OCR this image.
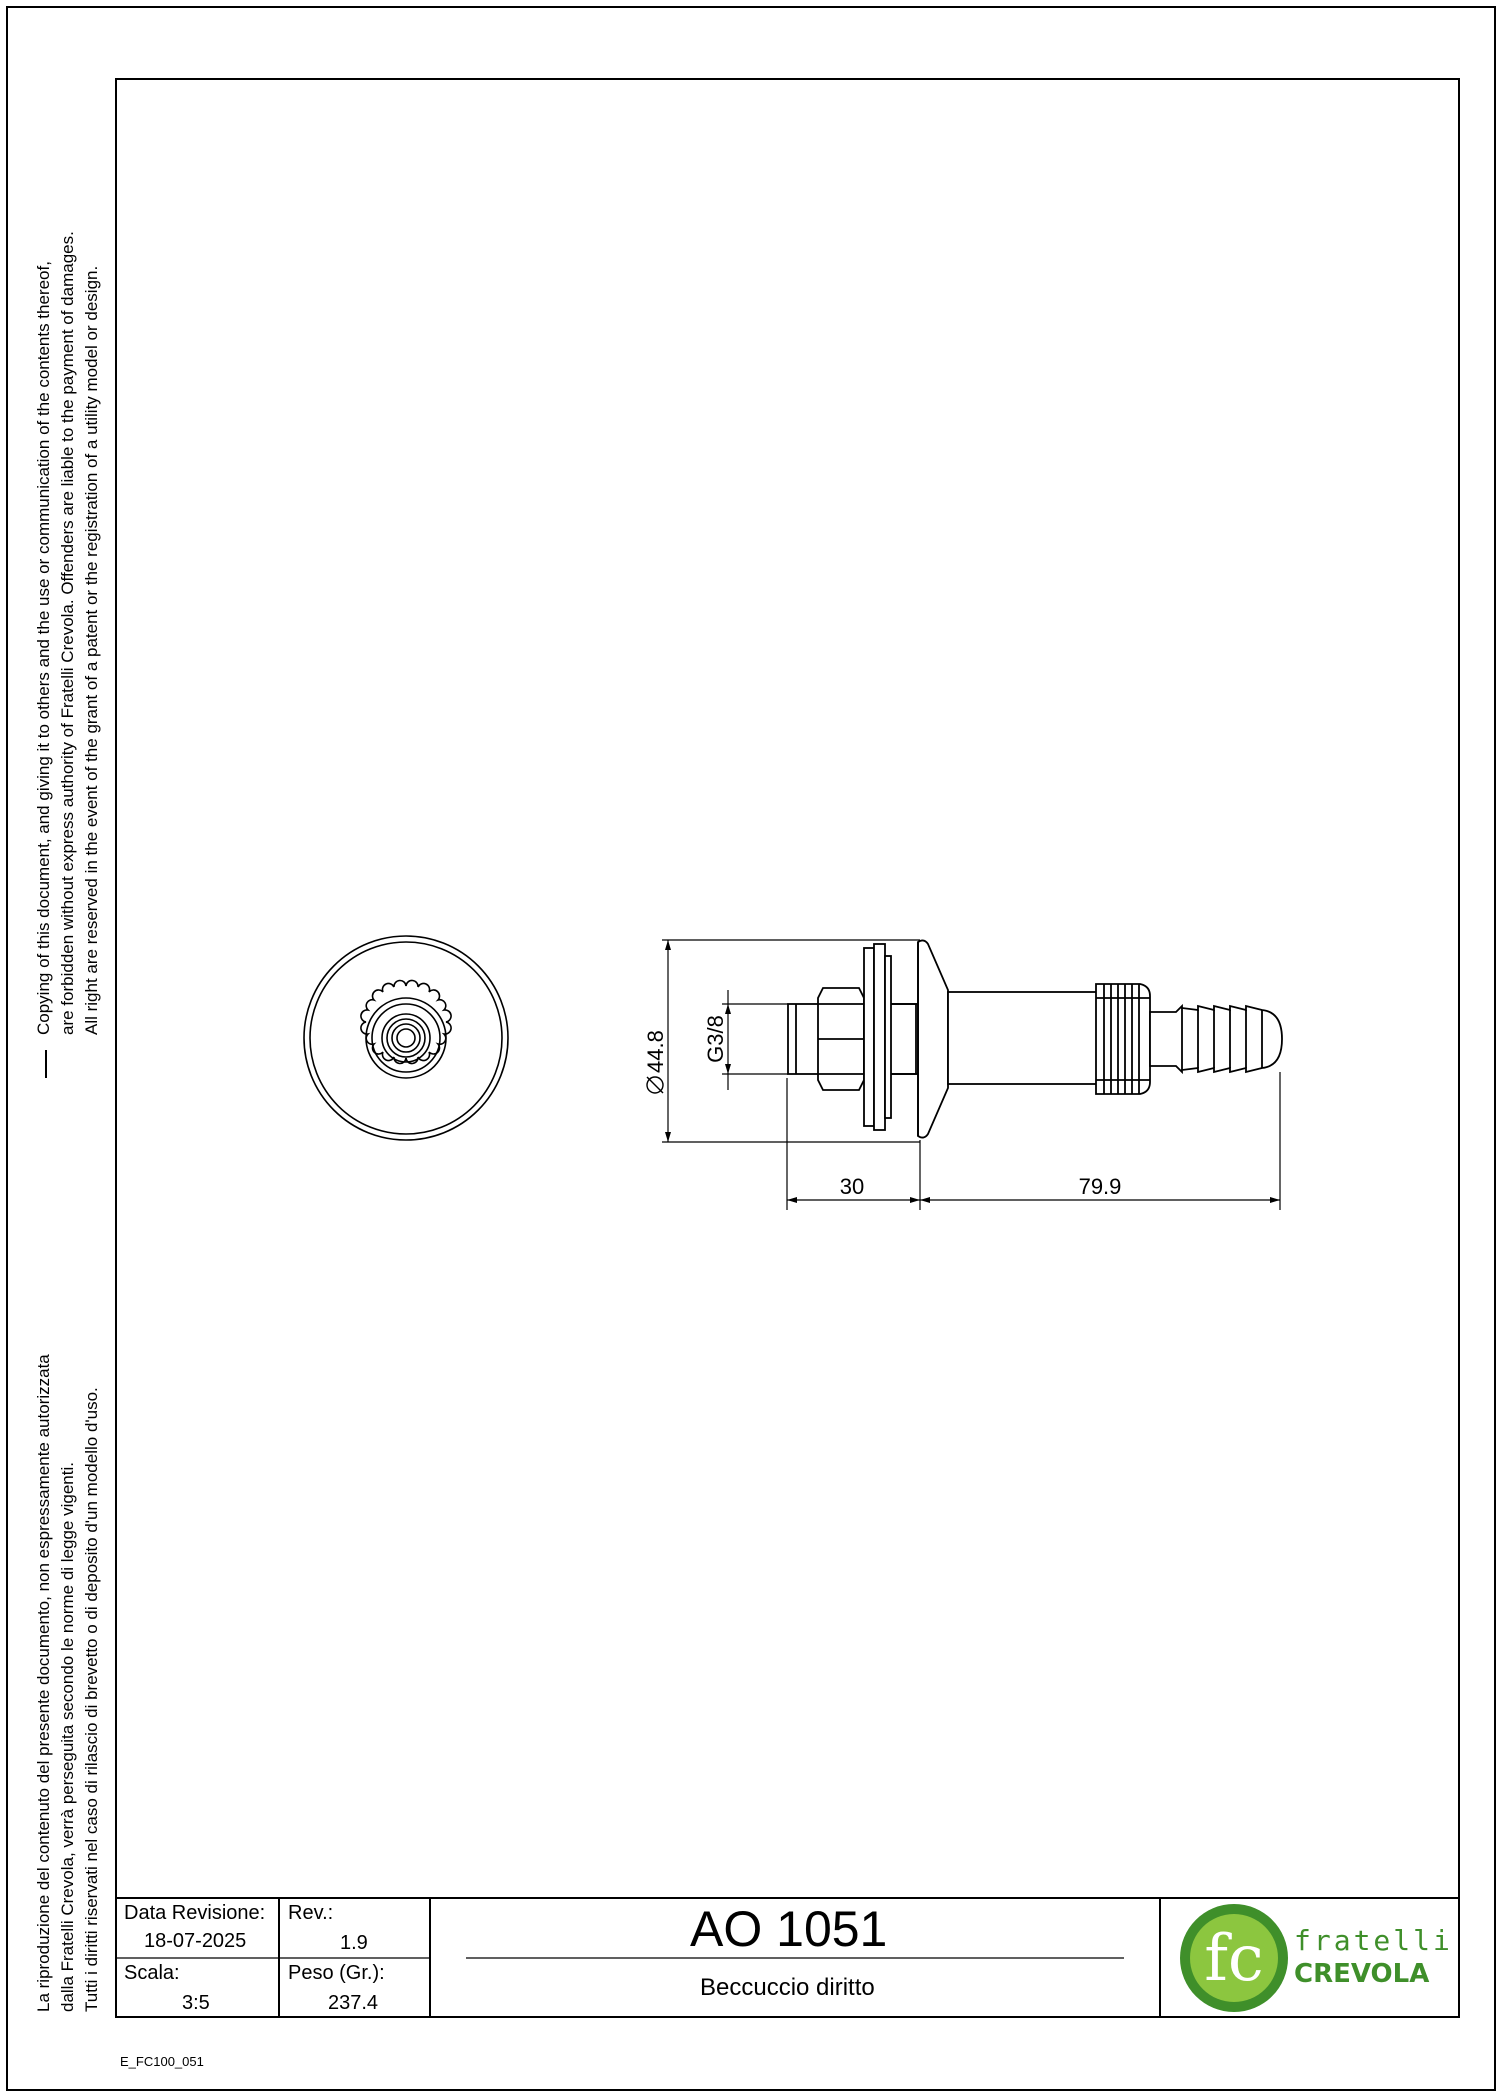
Copying of this document, and giving it to others and the use or communication of the contents thereof, are forbidden without express authority of Fratelli Crevola. Offenders are liable to the payment of damages. All right are reserved in the event of the grant of a patent or the registration of a utility model or design.
La riproduzione del contenuto del presente documento, non espressamente autorizzata dalla Fratelli Crevola, verrà perseguita secondo le norme di legge vigenti. Tutti i diritti riservati nel caso di rilascio di brevetto o di deposito d'un modello d'uso.
44.8 G3/8
30	79.9
fc fratelli
CREVOLA
Data Revisione:
18-07-2025
Rev.:
1.9
Scala:
3:5
Peso (Gr.):
237.4
AO 1051
Beccuccio diritto
E_FC100_051
